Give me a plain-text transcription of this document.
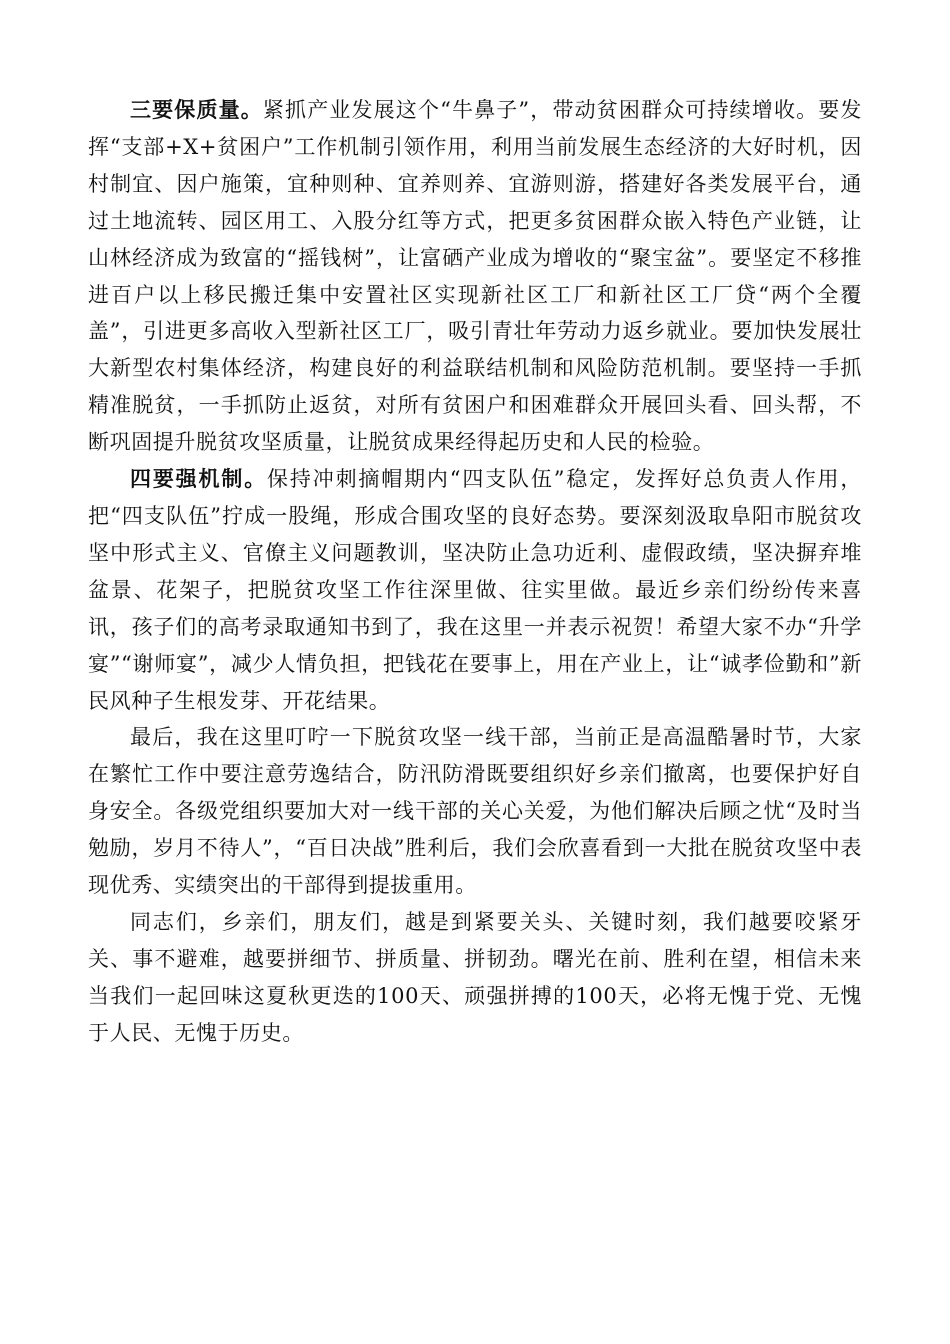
三要保质量。紧抓产业发展这个“牛鼻子”，带动贫困群众可持续增收。要发挥“支部+X+贫困户”工作机制引领作用，利用当前发展生态经济的大好时机，因村制宜、因户施策，宜种则种、宜养则养、宜游则游，搭建好各类发展平台，通过土地流转、园区用工、入股分红等方式，把更多贫困群众嵌入特色产业链，让山林经济成为致富的“摇钱树”，让富硒产业成为增收的“聚宝盆”。要坚定不移推进百户以上移民搬迁集中安置社区实现新社区工厂和新社区工厂贷“两个全覆盖”，引进更多高收入型新社区工厂，吸引青壮年劳动力返乡就业。要加快发展壮大新型农村集体经济，构建良好的利益联结机制和风险防范机制。要坚持一手抓精准脱贫，一手抓防止返贫，对所有贫困户和困难群众开展回头看、回头帮，不断巩固提升脱贫攻坚质量，让脱贫成果经得起历史和人民的检验。

四要强机制。保持冲刺摘帽期内“四支队伍”稳定，发挥好总负责人作用，把“四支队伍”拧成一股绳，形成合围攻坚的良好态势。要深刻汲取阜阳市脱贫攻坚中形式主义、官僚主义问题教训，坚决防止急功近利、虚假政绩，坚决摒弃堆盆景、花架子，把脱贫攻坚工作往深里做、往实里做。最近乡亲们纷纷传来喜讯，孩子们的高考录取通知书到了，我在这里一并表示祝贺！希望大家不办“升学宴”“谢师宴”，减少人情负担，把钱花在要事上，用在产业上，让“诚孝俭勤和”新民风种子生根发芽、开花结果。

最后，我在这里叮咛一下脱贫攻坚一线干部，当前正是高温酷暑时节，大家在繁忙工作中要注意劳逸结合，防汛防滑既要组织好乡亲们撤离，也要保护好自身安全。各级党组织要加大对一线干部的关心关爱，为他们解决后顾之忧“及时当勉励，岁月不待人”，“百日决战”胜利后，我们会欣喜看到一大批在脱贫攻坚中表现优秀、实绩突出的干部得到提拔重用。

同志们，乡亲们，朋友们，越是到紧要关头、关键时刻，我们越要咬紧牙关、事不避难，越要拼细节、拼质量、拼韧劲。曙光在前、胜利在望，相信未来当我们一起回味这夏秋更迭的100天、顽强拼搏的100天，必将无愧于党、无愧于人民、无愧于历史。
